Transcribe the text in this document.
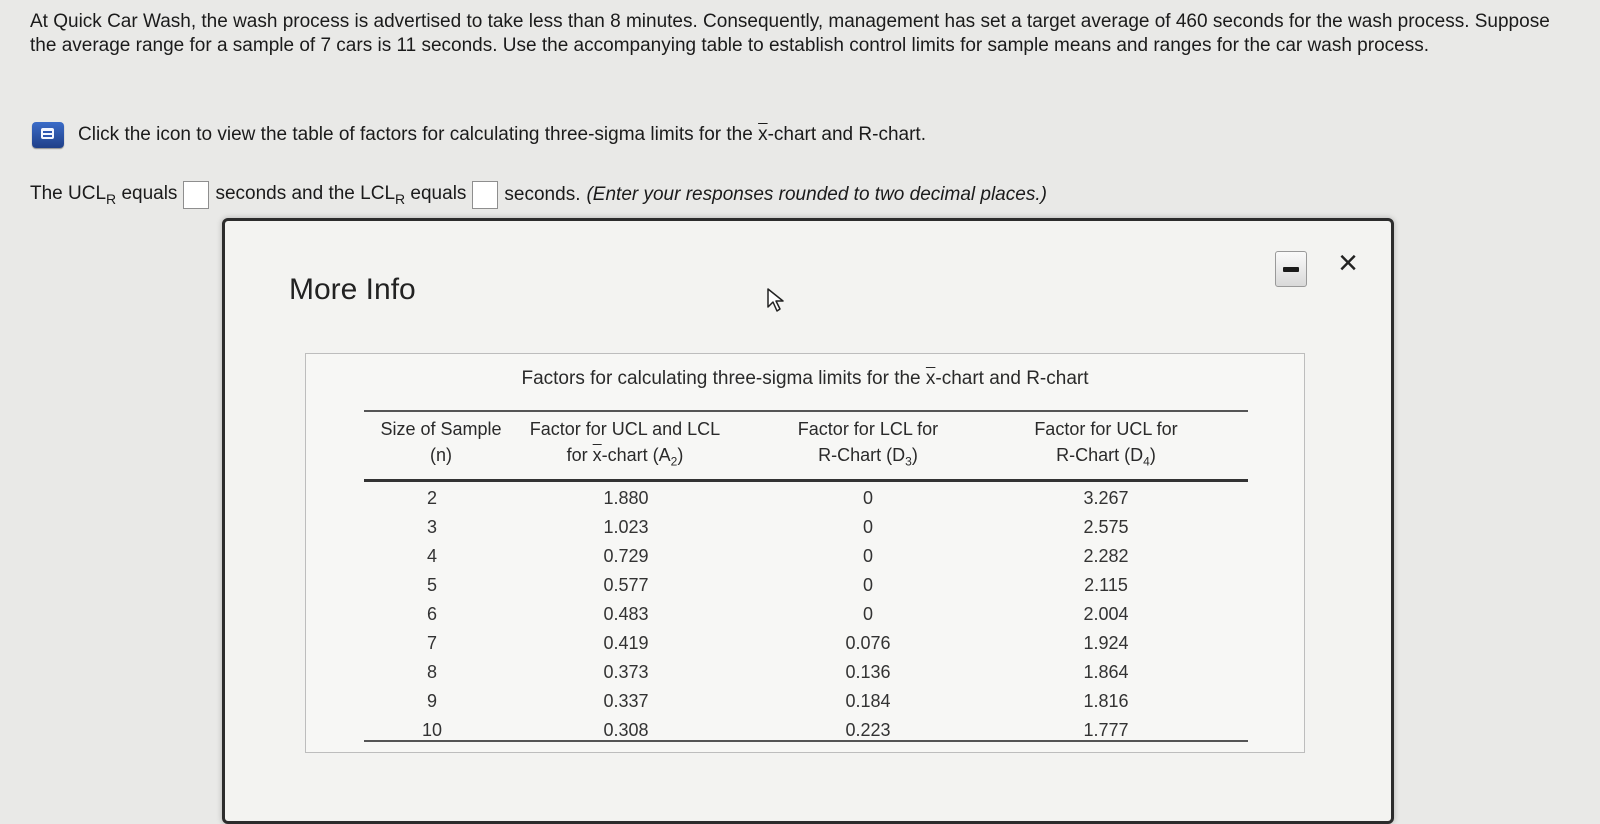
At Quick Car Wash, the wash process is advertised to take less than 8 minutes. Consequently, management has set a target average of 460 seconds for the wash process. Suppose the average range for a sample of 7 cars is 11 seconds. Use the accompanying table to establish control limits for sample means and ranges for the car wash process.
Click the icon to view the table of factors for calculating three-sigma limits for the $\overline{x}$-chart and R-chart.
The $UCL_R$ equals seconds and the $LCL_R$ equals seconds. (Enter your responses rounded to two decimal places.)
More Info
×
Factors for calculating three-sigma limits for the $\overline{x}$-chart and R-chart
Size of Sample
(n)
Factor for UCL and LCL
for $\overline{x}$-chart $(A_2)$
Factor for LCL for
R-Chart $(D_3)$
Factor for UCL for
R-Chart $(D_4)$
2
3
4
5
6
7
8
9
10
1.880
1.023
0.729
0.577
0.483
0.419
0.373
0.337
0.308
0
0
0
0
0
0.076
0.136
0.184
0.223
3.267
2.575
2.282
2.115
2.004
1.924
1.864
1.816
1.777
